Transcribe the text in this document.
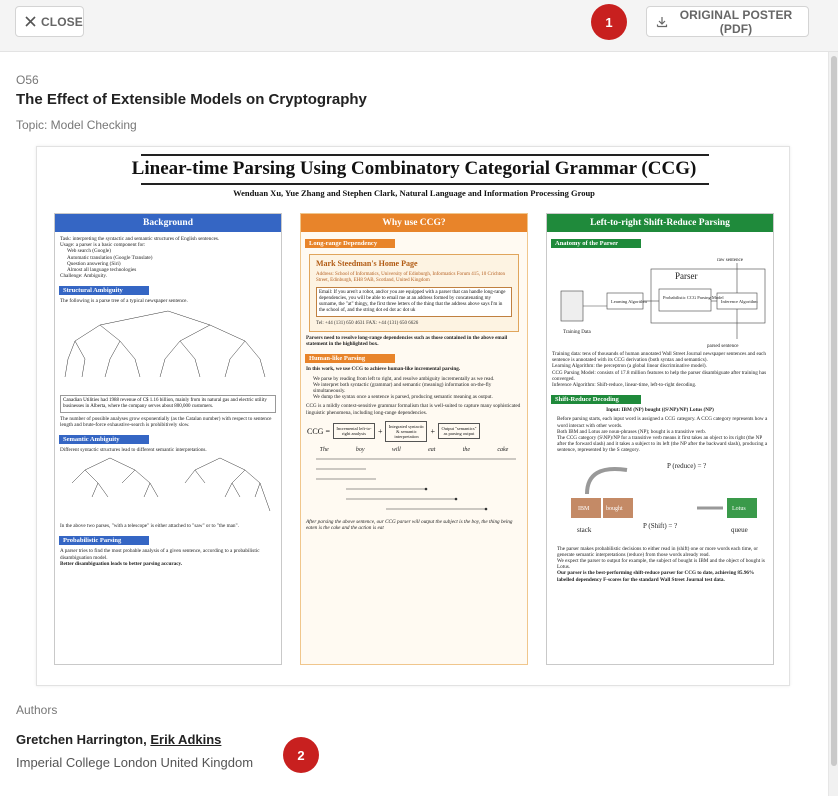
CLOSE	ORIGINAL POSTER (PDF)
1
O56
The Effect of Extensible Models on Cryptography
Topic: Model Checking
Linear-time Parsing Using Combinatory Categorial Grammar (CCG)
Wenduan Xu, Yue Zhang and Stephen Clark, Natural Language and Information Processing Group
Background
Task: interpreting the syntactic and semantic structures of English sentences.
Usage: a parser is a basic component for:
Web search (Google)
Automatic translation (Google Translate)
Question answering (Siri)
Almost all language technologies
Challenge: Ambiguity.
Structural Ambiguity
The following is a parse tree of a typical newspaper sentence.
Canadian Utilities had 1988 revenue of C$ 1.16 billion, mainly from its natural gas and electric utility businesses in Alberta, where the company serves about 800,000 customers.
The number of possible analyses grow exponentially (as the Catalan number) with respect to sentence length and brute-force exhaustive-search is prohibitively slow.
Semantic Ambiguity
Different syntactic structures lead to different semantic interpretations.
In the above two parses, "with a telescope" is either attached to "saw" or to "the man".
Probabilistic Parsing
A parser tries to find the most probable analysis of a given sentence, according to a probabilistic disambiguation model.
Better disambiguation leads to better parsing accuracy.
Why use CCG?
Long-range Dependency
Mark Steedman's Home Page
Address: School of Informatics, University of Edinburgh, Informatics Forum 415, 10 Crichton Street, Edinburgh, EH8 9AB, Scotland, United Kingdom
Email: If you aren't a robot, and/or you are equipped with a parser that can handle long-range dependencies, you will be able to email me at an address formed by concatenating my surname, the "at" thingy, the first three letters of the thing that the address above says I'm in the school of, and the string dot ed dot ac dot uk
Tel: +44 (131) 650 4631 FAX: +44 (131) 650 6626
Parsers need to resolve long-range dependencies such as those contained in the above email statement in the highlighted box.
Human-like Parsing
In this work, we use CCG to achieve human-like incremental parsing.
We parse by reading from left to right, and resolve ambiguity incrementally as we read.
We interpret both syntactic (grammar) and semantic (meaning) information on-the-fly simultaneously.
We dump the syntax once a sentence is parsed, producing semantic meaning as output.
CCG is a mildly context-sensitive grammar formalism that is well-suited to capture many sophisticated linguistic phenomena, including long-range dependencies.
CCG =	Incremental left-to-right analysis	+
Integrated syntactic & semantic interpretation
+	Output "semantics" as parsing output
The	boy	will	eat	the	cake
After parsing the above sentence, our CCG parser will output the subject is the boy, the thing being eaten is the cake and the action is eat
Left-to-right Shift-Reduce Parsing
Anatomy of the Parser
raw sentence
Parser
Learning Algorithm
Probabilistic CCG Parsing Model
Inference Algorithm
Training Data
parsed sentence
Training data: tens of thousands of human annotated Wall Street Journal newspaper sentences and each sentence is annotated with its CCG derivation (both syntax and semantics).
Learning Algorithm: the perceptron (a global linear discriminative model).
CCG Parsing Model: consists of 17.8 million features to help the parser disambiguate after training has converged.
Inference Algorithm: Shift-reduce, linear-time, left-to-right decoding.
Shift-Reduce Decoding
Input: IBM (NP) bought ((S\NP)/NP) Lotus (NP)
Before parsing starts, each input word is assigned a CCG category. A CCG category represents how a word interact with other words.
Both IBM and Lotus are noun-phrases (NP); bought is a transitive verb.
The CCG category (S\NP)/NP for a transitive verb means it first takes an object to its right (the NP after the forward slash) and it takes a subject to its left (the NP after the backward slash), producing a sentence, represented by the S category.
P (reduce) = ?
P (Shift) = ?
stack	queue
IBM	bought	Lotus
The parser makes probabilistic decisions to either read in (shift) one or more words each time, or generate semantic interpretations (reduce) from those words already read.
We expect the parser to output for example, the subject of bought is IBM and the object of bought is Lotus.
Our parser is the best-performing shift-reduce parser for CCG to date, achieving 85.96% labelled dependency F-scores for the standard Wall Street Journal test data.
Authors
Gretchen Harrington, Erik Adkins
Imperial College London United Kingdom	2
